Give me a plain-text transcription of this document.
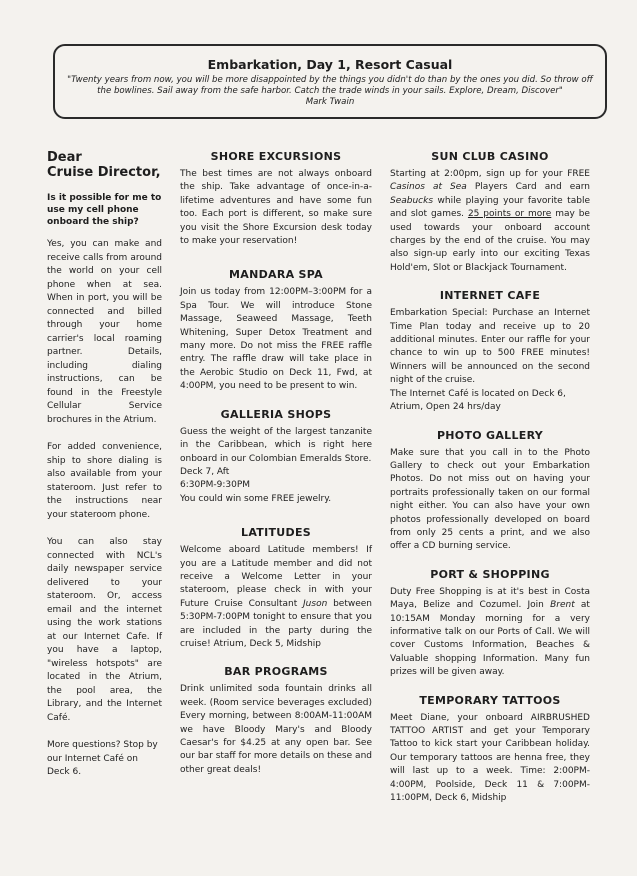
Embarkation, Day 1, Resort Casual
"Twenty years from now, you will be more disappointed by the things you didn't do than by the ones you did. So throw off the bowlines. Sail away from the safe harbor. Catch the trade winds in your sails. Explore, Dream, Discover"
Mark Twain
Dear
Cruise Director,
Is it possible for me to use my cell phone onboard the ship?

Yes, you can make and receive calls from around the world on your cell phone when at sea. When in port, you will be connected and billed through your home carrier's local roaming partner. Details, including dialing instructions, can be found in the Freestyle Cellular Service brochures in the Atrium.

For added convenience, ship to shore dialing is also available from your stateroom. Just refer to the instructions near your stateroom phone.

You can also stay connected with NCL's daily newspaper service delivered to your stateroom. Or, access email and the internet using the work stations at our Internet Cafe. If you have a laptop, "wireless hotspots" are located in the Atrium, the pool area, the Library, and the Internet Café.

More questions? Stop by our Internet Café on Deck 6.

SHORE EXCURSIONS
The best times are not always onboard the ship. Take advantage of once-in-a-lifetime adventures and have some fun too. Each port is different, so make sure you visit the Shore Excursion desk today to make your reservation!
MANDARA SPA
Join us today from 12:00PM–3:00PM for a Spa Tour. We will introduce Stone Massage, Seaweed Massage, Teeth Whitening, Super Detox Treatment and many more. Do not miss the FREE raffle entry. The raffle draw will take place in the Aerobic Studio on Deck 11, Fwd, at 4:00PM, you need to be present to win.
GALLERIA SHOPS
Guess the weight of the largest tanzanite in the Caribbean, which is right here onboard in our Colombian Emeralds Store.
Deck 7, Aft
6:30PM-9:30PM
You could win some FREE jewelry.
LATITUDES
Welcome aboard Latitude members! If you are a Latitude member and did not receive a Welcome Letter in your stateroom, please check in with your Future Cruise Consultant Juson between 5:30PM-7:00PM tonight to ensure that you are included in the party during the cruise! Atrium, Deck 5, Midship
BAR PROGRAMS
Drink unlimited soda fountain drinks all week. (Room service beverages excluded) Every morning, between 8:00AM-11:00AM we have Bloody Mary's and Bloody Caesar's for $4.25 at any open bar. See our bar staff for more details on these and other great deals!
SUN CLUB CASINO
Starting at 2:00pm, sign up for your FREE Casinos at Sea Players Card and earn Seabucks while playing your favorite table and slot games. 25 points or more may be used towards your onboard account charges by the end of the cruise. You may also sign-up early into our exciting Texas Hold'em, Slot or Blackjack Tournament.
INTERNET CAFE
Embarkation Special: Purchase an Internet Time Plan today and receive up to 20 additional minutes. Enter our raffle for your chance to win up to 500 FREE minutes! Winners will be announced on the second night of the cruise.
The Internet Café is located on Deck 6, Atrium, Open 24 hrs/day
PHOTO GALLERY
Make sure that you call in to the Photo Gallery to check out your Embarkation Photos. Do not miss out on having your portraits professionally taken on our formal night either. You can also have your own photos professionally developed on board from only 25 cents a print, and we also offer a CD burning service.
PORT & SHOPPING
Duty Free Shopping is at it's best in Costa Maya, Belize and Cozumel. Join Brent at 10:15AM Monday morning for a very informative talk on our Ports of Call. We will cover Customs Information, Beaches & Valuable shopping Information. Many fun prizes will be given away.
TEMPORARY TATTOOS
Meet Diane, your onboard AIRBRUSHED TATTOO ARTIST and get your Temporary Tattoo to kick start your Caribbean holiday. Our temporary tattoos are henna free, they will last up to a week. Time: 2:00PM-4:00PM, Poolside, Deck 11 & 7:00PM-11:00PM, Deck 6, Midship
